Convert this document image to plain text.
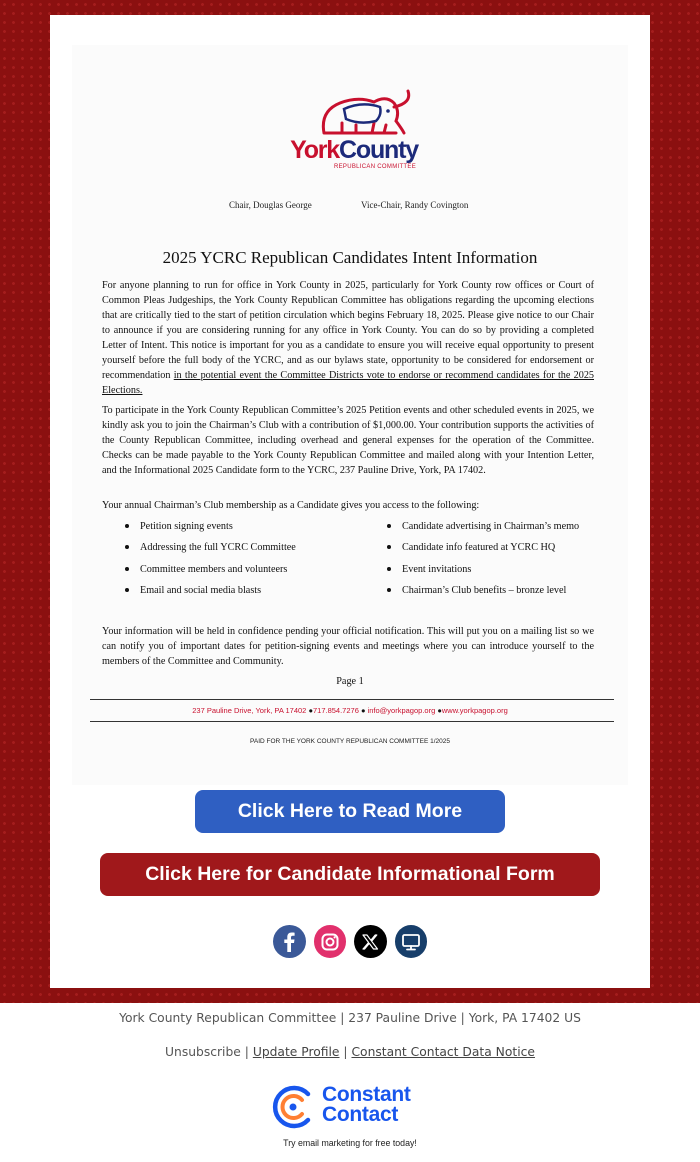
YorkCounty
REPUBLICAN COMMITTEE
Chair, Douglas George	Vice-Chair, Randy Covington
2025 YCRC Republican Candidates Intent Information

For anyone planning to run for office in York County in 2025, particularly for York County row offices or Court of Common Pleas Judgeships, the York County Republican Committee has obligations regarding the upcoming elections that are critically tied to the start of petition circulation which begins February 18, 2025. Please give notice to our Chair to announce if you are considering running for any office in York County. You can do so by providing a completed Letter of Intent. This notice is important for you as a candidate to ensure you will receive equal opportunity to present yourself before the full body of the YCRC, and as our bylaws state, opportunity to be considered for endorsement or recommendation in the potential event the Committee Districts vote to endorse or recommend candidates for the 2025 Elections.

To participate in the York County Republican Committee’s 2025 Petition events and other scheduled events in 2025, we kindly ask you to join the Chairman’s Club with a contribution of $1,000.00. Your contribution supports the activities of the County Republican Committee, including overhead and general expenses for the operation of the Committee. Checks can be made payable to the York County Republican Committee and mailed along with your Intention Letter, and the Informational 2025 Candidate form to the YCRC, 237 Pauline Drive, York, PA 17402.

Your annual Chairman’s Club membership as a Candidate gives you access to the following:

Petition signing events
Addressing the full YCRC Committee
Committee members and volunteers
Email and social media blasts
Candidate advertising in Chairman’s memo
Candidate info featured at YCRC HQ
Event invitations
Chairman’s Club benefits – bronze level

Your information will be held in confidence pending your official notification. This will put you on a mailing list so we can notify you of important dates for petition-signing events and meetings where you can introduce yourself to the members of the Committee and Community.

Page 1
237 Pauline Drive, York, PA 17402 ●717.854.7276 ● info@yorkpagop.org ●www.yorkpagop.org
PAID FOR THE YORK COUNTY REPUBLICAN COMMITTEE 1/2025
Click Here to Read More
Click Here for Candidate Informational Form
York County Republican Committee | 237 Pauline Drive | York, PA 17402 US
Unsubscribe | Update Profile | Constant Contact Data Notice
Constant
Contact
Try email marketing for free today!
